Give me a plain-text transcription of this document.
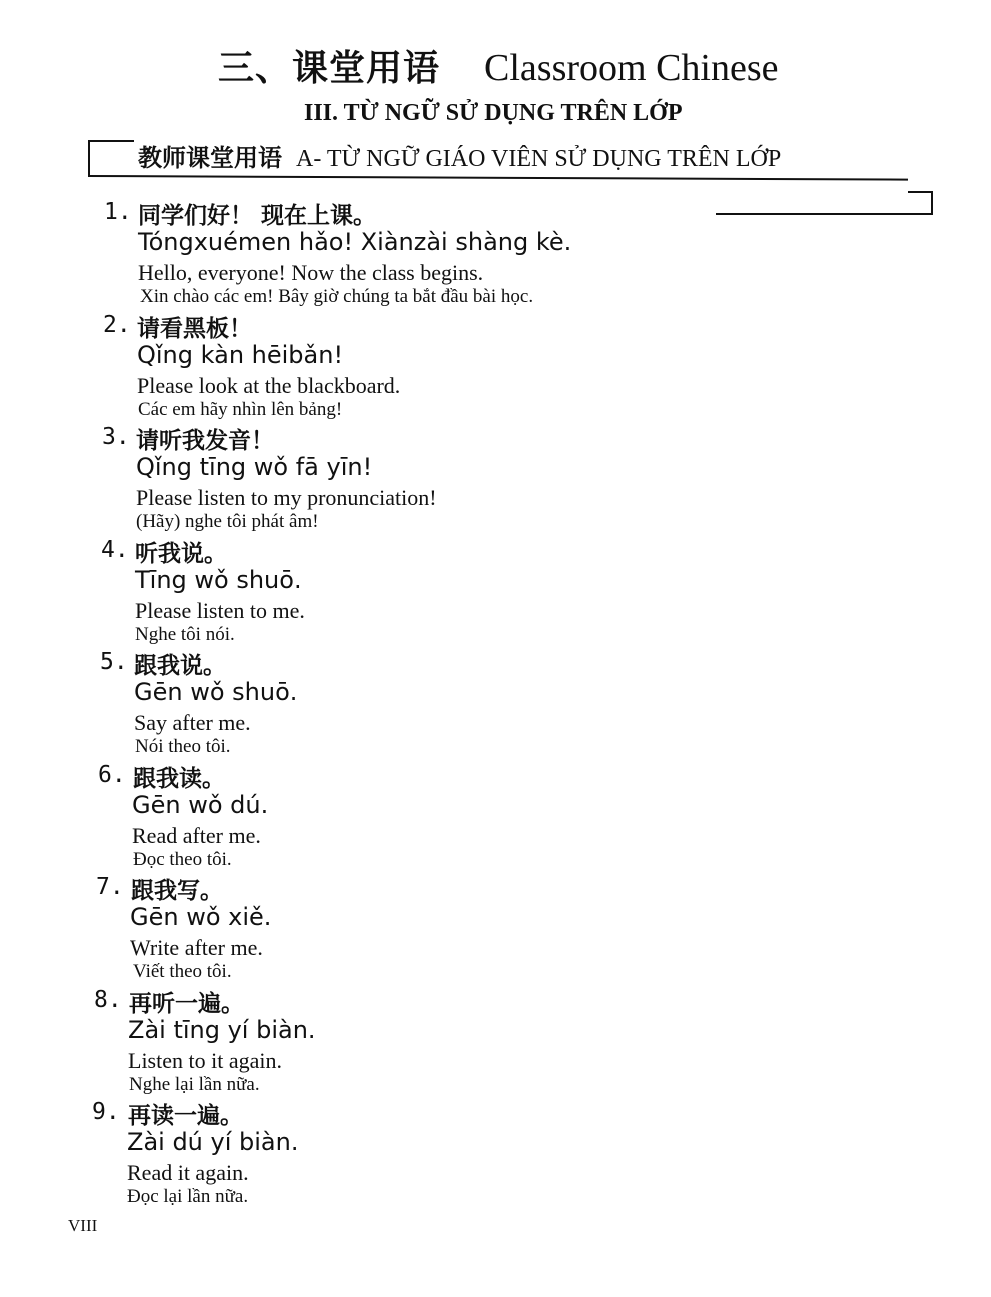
三、课堂用语 Classroom Chinese
III. TỪ NGỮ SỬ DỤNG TRÊN LỚP
教师课堂用语 A- TỪ NGỮ GIÁO VIÊN SỬ DỤNG TRÊN LỚP
1. 同学们好！ 现在上课。
Tóngxuémen hǎo! Xiànzài shàng kè.
Hello, everyone! Now the class begins.
Xin chào các em! Bây giờ chúng ta bắt đầu bài học.
2. 请看黑板！
Qǐng kàn hēibǎn!
Please look at the blackboard.
Các em hãy nhìn lên bảng!
3. 请听我发音！
Qǐng tīng wǒ fā yīn!
Please listen to my pronunciation!
(Hãy) nghe tôi phát âm!
4. 听我说。
Tīng wǒ shuō.
Please listen to me.
Nghe tôi nói.
5. 跟我说。
Gēn wǒ shuō.
Say after me.
Nói theo tôi.
6. 跟我读。
Gēn wǒ dú.
Read after me.
Đọc theo tôi.
7. 跟我写。
Gēn wǒ xiě.
Write after me.
Viết theo tôi.
8. 再听一遍。
Zài tīng yí biàn.
Listen to it again.
Nghe lại lần nữa.
9. 再读一遍。
Zài dú yí biàn.
Read it again.
Đọc lại lần nữa.
VIII
